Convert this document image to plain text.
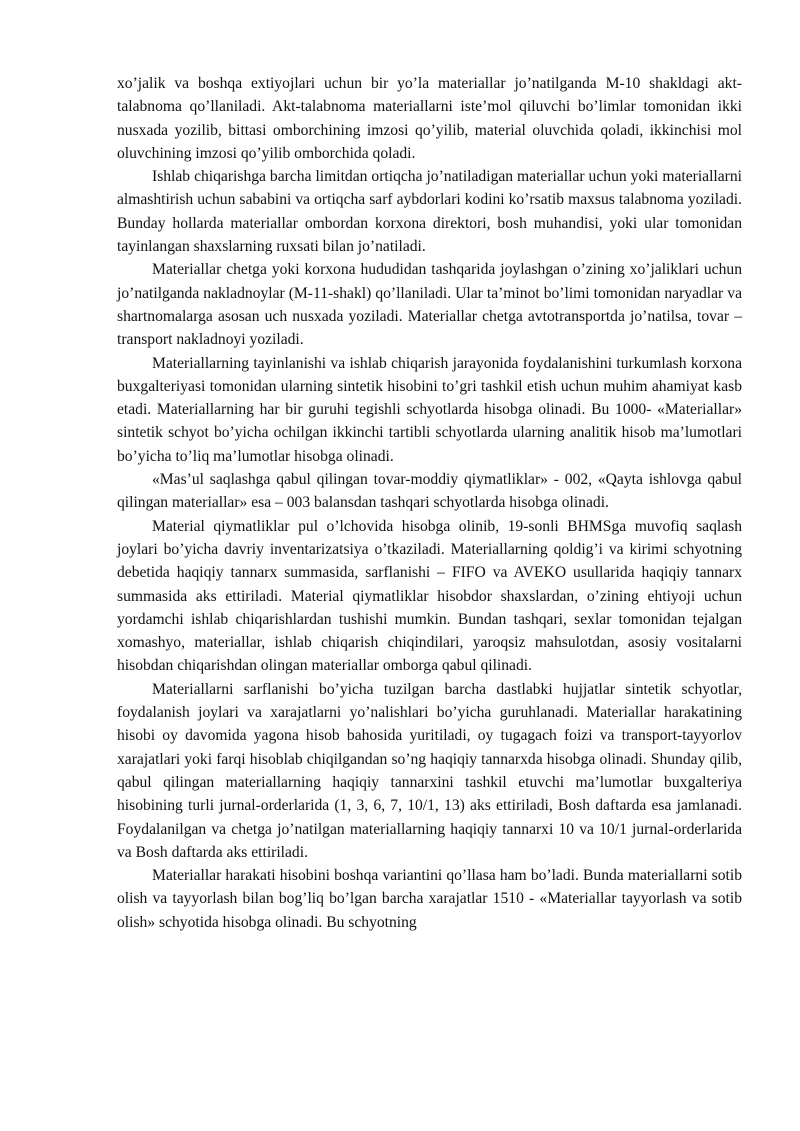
xo’jalik va boshqa extiyojlari uchun bir yo’la materiallar jo’natilganda M-10 shakldagi akt-talabnoma qo’llaniladi. Akt-talabnoma materiallarni iste’mol qiluvchi bo’limlar tomonidan ikki nusxada yozilib, bittasi omborchining imzosi qo’yilib, material oluvchida qoladi, ikkinchisi mol oluvchining imzosi qo’yilib omborchida qoladi.

Ishlab chiqarishga barcha limitdan ortiqcha jo’natiladigan materiallar uchun yoki materiallarni almashtirish uchun sababini va ortiqcha sarf aybdorlari kodini ko’rsatib maxsus talabnoma yoziladi. Bunday hollarda materiallar ombordan korxona direktori, bosh muhandisi, yoki ular tomonidan tayinlangan shaxslarning ruxsati bilan jo’natiladi.

Materiallar chetga yoki korxona hududidan tashqarida joylashgan o’zining xo’jaliklari uchun jo’natilganda nakladnoylar (M-11-shakl) qo’llaniladi. Ular ta’minot bo’limi tomonidan naryadlar va shartnomalarga asosan uch nusxada yoziladi. Materiallar chetga avtotransportda jo’natilsa, tovar – transport nakladnoyi yoziladi.

Materiallarning tayinlanishi va ishlab chiqarish jarayonida foydalanishini turkumlash korxona buxgalteriyasi tomonidan ularning sintetik hisobini to’gri tashkil etish uchun muhim ahamiyat kasb etadi. Materiallarning har bir guruhi tegishli schyotlarda hisobga olinadi. Bu 1000- «Materiallar» sintetik schyot bo’yicha ochilgan ikkinchi tartibli schyotlarda ularning analitik hisob ma’lumotlari bo’yicha to’liq ma’lumotlar hisobga olinadi.

«Mas’ul saqlashga qabul qilingan tovar-moddiy qiymatliklar» - 002, «Qayta ishlovga qabul qilingan materiallar» esa – 003 balansdan tashqari schyotlarda hisobga olinadi.

Material qiymatliklar pul o’lchovida hisobga olinib, 19-sonli BHMSga muvofiq saqlash joylari bo’yicha davriy inventarizatsiya o’tkaziladi. Materiallarning qoldig’i va kirimi schyotning debetida haqiqiy tannarx summasida, sarflanishi – FIFO va AVEKO usullarida haqiqiy tannarx summasida aks ettiriladi. Material qiymatliklar hisobdor shaxslardan, o’zining ehtiyoji uchun yordamchi ishlab chiqarishlardan tushishi mumkin. Bundan tashqari, sexlar tomonidan tejalgan xomashyo, materiallar, ishlab chiqarish chiqindilari, yaroqsiz mahsulotdan, asosiy vositalarni hisobdan chiqarishdan olingan materiallar omborga qabul qilinadi.

Materiallarni sarflanishi bo’yicha tuzilgan barcha dastlabki hujjatlar sintetik schyotlar, foydalanish joylari va xarajatlarni yo’nalishlari bo’yicha guruhlanadi. Materiallar harakatining hisobi oy davomida yagona hisob bahosida yuritiladi, oy tugagach foizi va transport-tayyorlov xarajatlari yoki farqi hisoblab chiqilgandan so’ng haqiqiy tannarxda hisobga olinadi. Shunday qilib, qabul qilingan materiallarning haqiqiy tannarxini tashkil etuvchi ma’lumotlar buxgalteriya hisobining turli jurnal-orderlarida (1, 3, 6, 7, 10/1, 13) aks ettiriladi, Bosh daftarda esa jamlanadi. Foydalanilgan va chetga jo’natilgan materiallarning haqiqiy tannarxi 10 va 10/1 jurnal-orderlarida va Bosh daftarda aks ettiriladi.

Materiallar harakati hisobini boshqa variantini qo’llasa ham bo’ladi. Bunda materiallarni sotib olish va tayyorlash bilan bog’liq bo’lgan barcha xarajatlar 1510 - «Materiallar tayyorlash va sotib olish» schyotida hisobga olinadi. Bu schyotning
